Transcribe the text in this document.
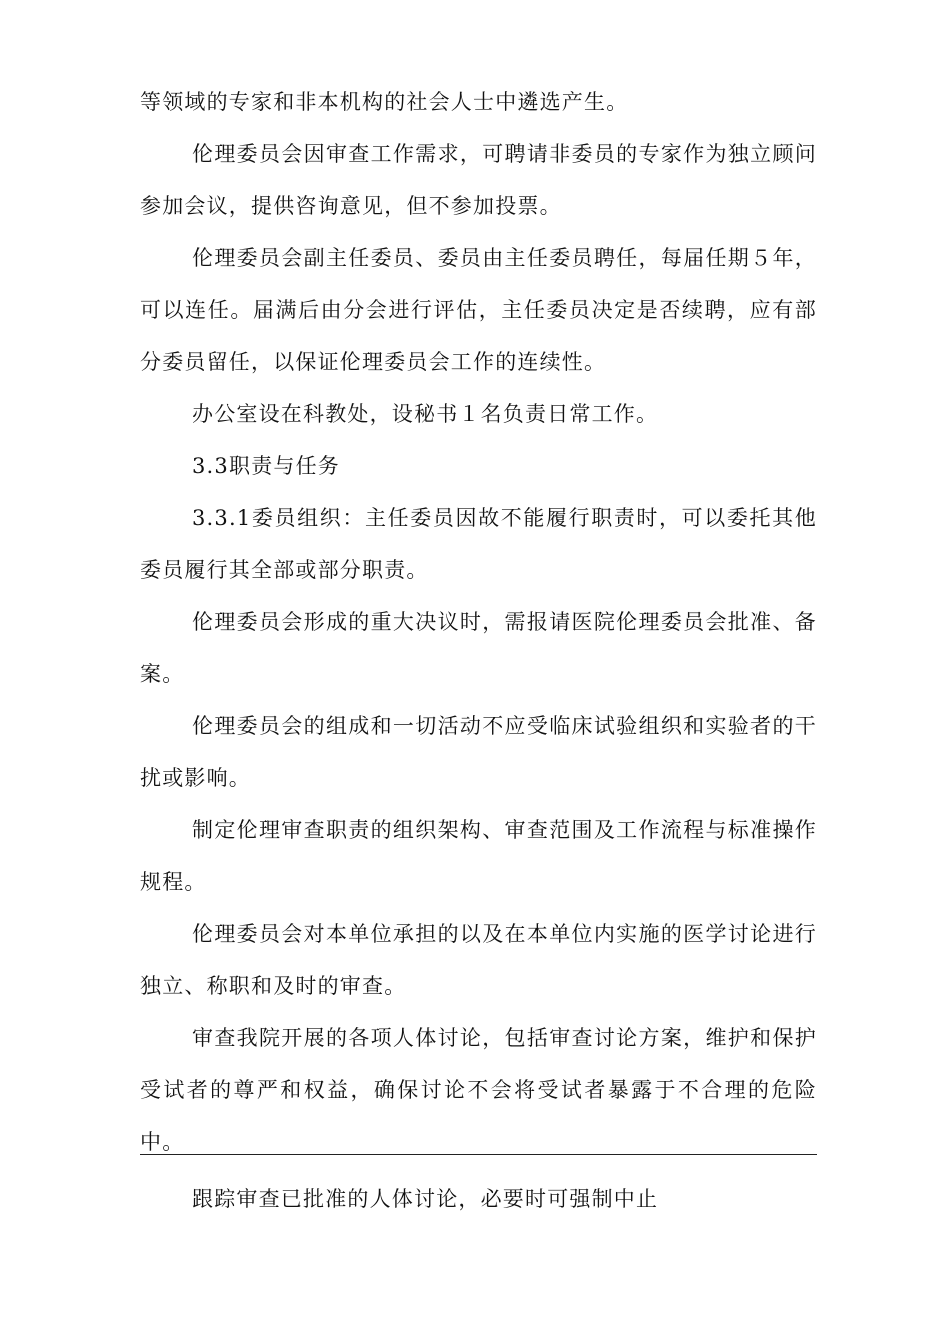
等领域的专家和非本机构的社会人士中遴选产生。

伦理委员会因审查工作需求，可聘请非委员的专家作为独立顾问参加会议，提供咨询意见，但不参加投票。

伦理委员会副主任委员、委员由主任委员聘任，每届任期５年，可以连任。届满后由分会进行评估，主任委员决定是否续聘，应有部分委员留任，以保证伦理委员会工作的连续性。

办公室设在科教处，设秘书１名负责日常工作。

3.3职责与任务

3.3.1委员组织：主任委员因故不能履行职责时，可以委托其他委员履行其全部或部分职责。

伦理委员会形成的重大决议时，需报请医院伦理委员会批准、备案。

伦理委员会的组成和一切活动不应受临床试验组织和实验者的干扰或影响。

制定伦理审查职责的组织架构、审查范围及工作流程与标准操作规程。

伦理委员会对本单位承担的以及在本单位内实施的医学讨论进行独立、称职和及时的审查。

审查我院开展的各项人体讨论，包括审查讨论方案，维护和保护受试者的尊严和权益，确保讨论不会将受试者暴露于不合理的危险中。

跟踪审查已批准的人体讨论，必要时可强制中止
